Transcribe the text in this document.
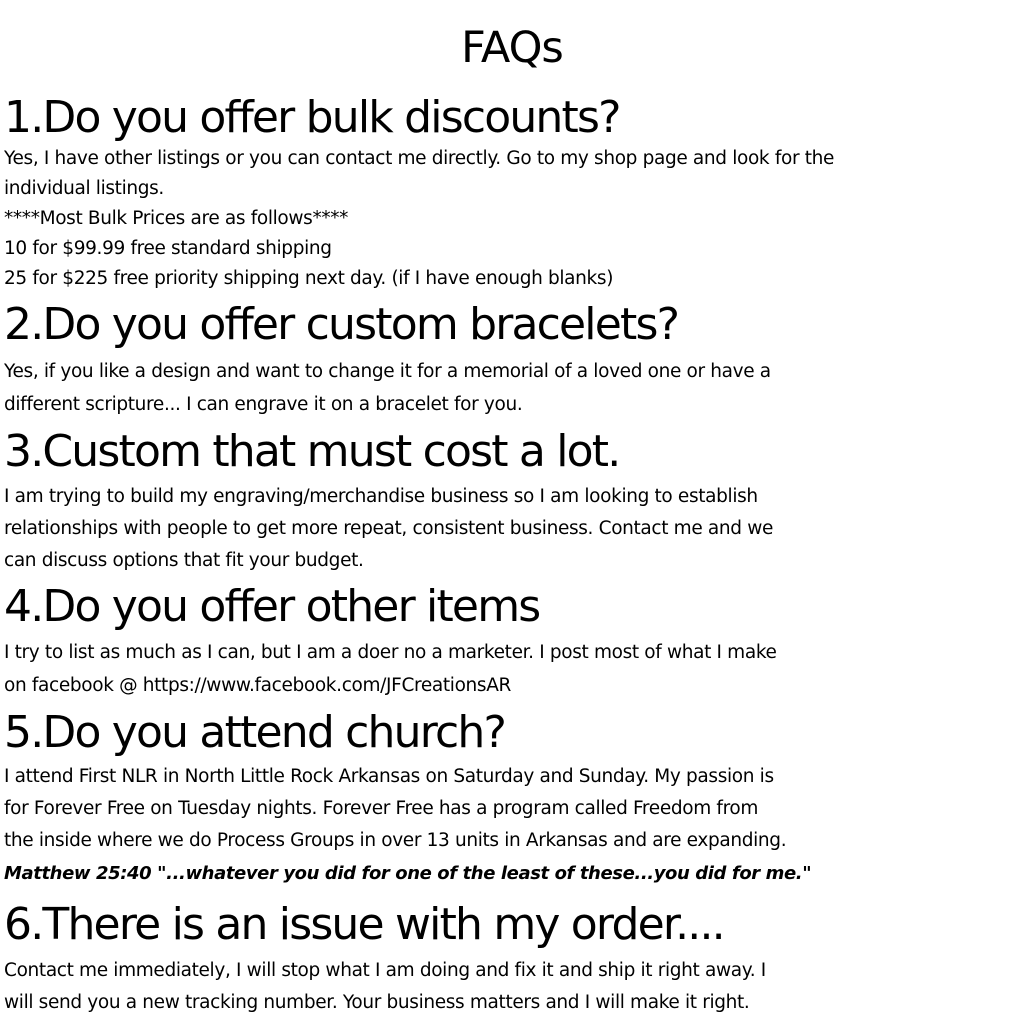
FAQs
1.Do you offer bulk discounts?
Yes, I have other listings or you can contact me directly. Go to my shop page and look for the
individual listings.
****Most Bulk Prices are as follows****
10 for $99.99 free standard shipping
25 for $225 free priority shipping next day. (if I have enough blanks)
2.Do you offer custom bracelets?
Yes, if you like a design and want to change it for a memorial of a loved one or have a
different scripture... I can engrave it on a bracelet for you.
3.Custom that must cost a lot.
I am trying to build my engraving/merchandise business so I am looking to establish
relationships with people to get more repeat, consistent business. Contact me and we
can discuss options that fit your budget.
4.Do you offer other items
I try to list as much as I can, but I am a doer no a marketer. I post most of what I make
on facebook @ https://www.facebook.com/JFCreationsAR
5.Do you attend church?
I attend First NLR in North Little Rock Arkansas on Saturday and Sunday. My passion is
for Forever Free on Tuesday nights. Forever Free has a program called Freedom from
the inside where we do Process Groups in over 13 units in Arkansas and are expanding.
Matthew 25:40 "...whatever you did for one of the least of these...you did for me."
6.There is an issue with my order....
Contact me immediately, I will stop what I am doing and fix it and ship it right away. I
will send you a new tracking number. Your business matters and I will make it right.
